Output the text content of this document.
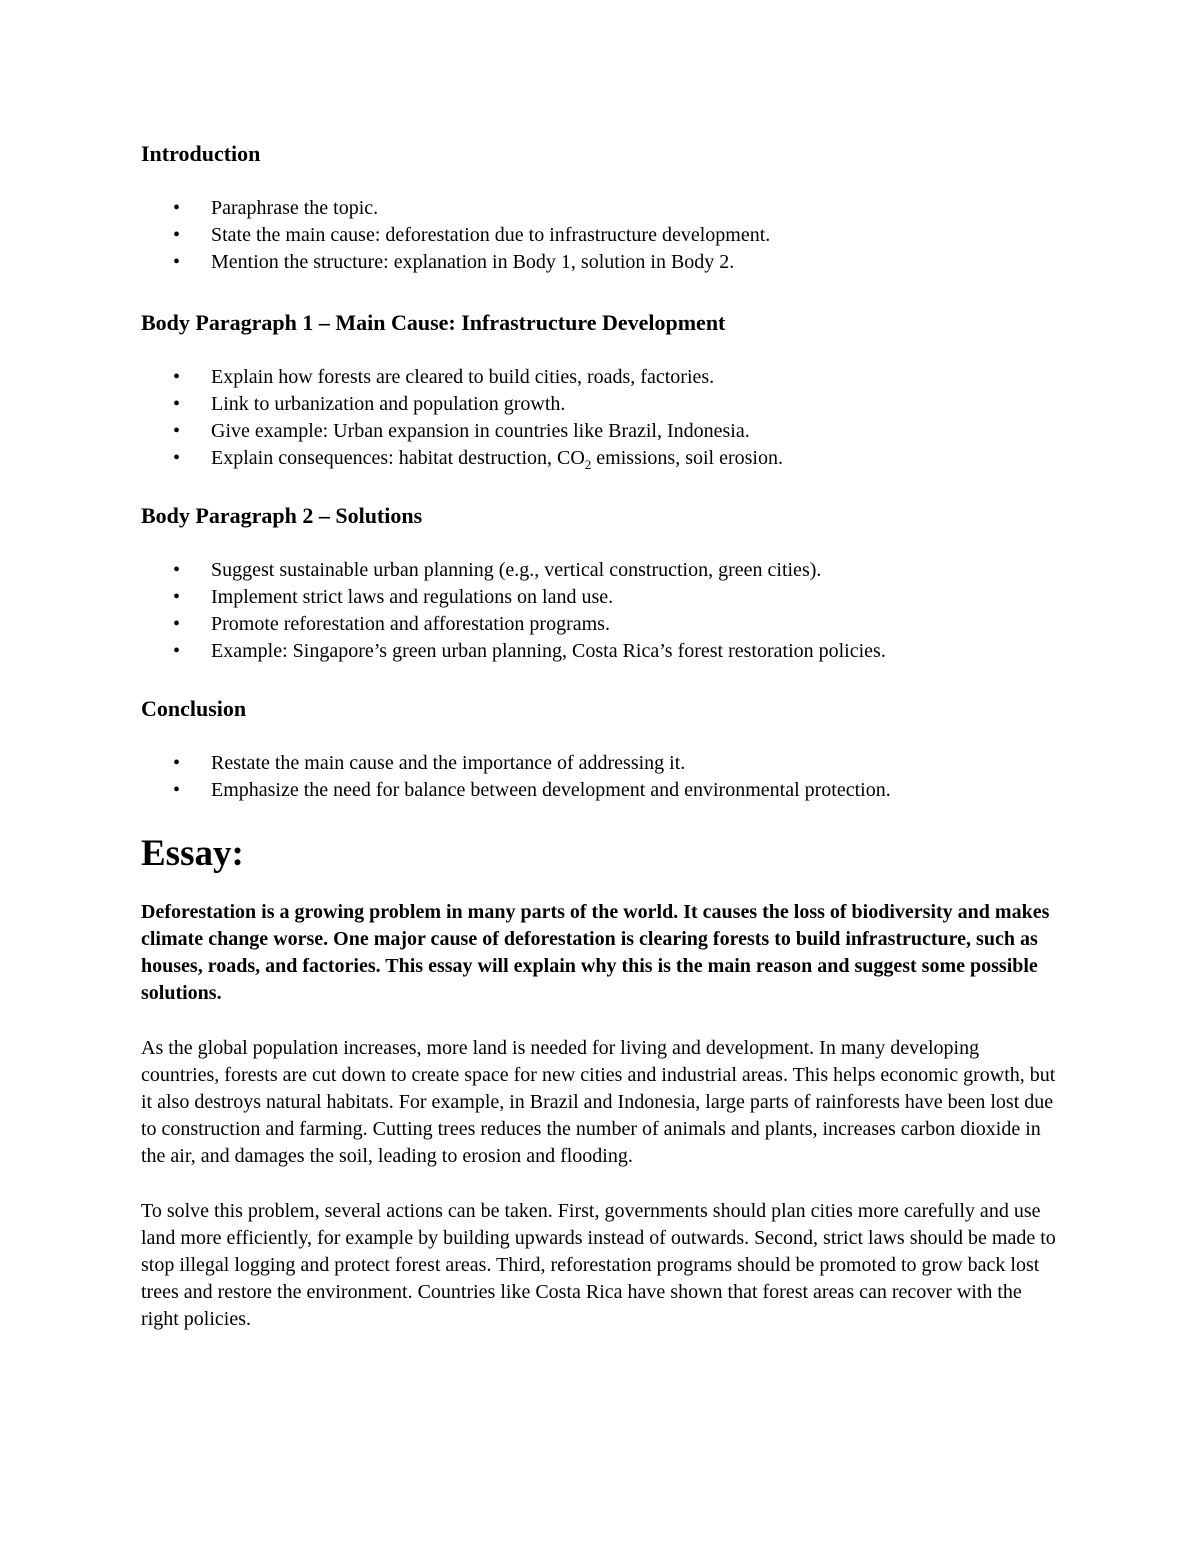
Introduction
• Paraphrase the topic.
• State the main cause: deforestation due to infrastructure development.
• Mention the structure: explanation in Body 1, solution in Body 2.
Body Paragraph 1 – Main Cause: Infrastructure Development
• Explain how forests are cleared to build cities, roads, factories.
• Link to urbanization and population growth.
• Give example: Urban expansion in countries like Brazil, Indonesia.
• Explain consequences: habitat destruction, $CO_2$ emissions, soil erosion.
Body Paragraph 2 – Solutions
• Suggest sustainable urban planning (e.g., vertical construction, green cities).
• Implement strict laws and regulations on land use.
• Promote reforestation and afforestation programs.
• Example: Singapore’s green urban planning, Costa Rica’s forest restoration policies.
Conclusion
• Restate the main cause and the importance of addressing it.
• Emphasize the need for balance between development and environmental protection.
Essay:

Deforestation is a growing problem in many parts of the world. It causes the loss of biodiversity and makes climate change worse. One major cause of deforestation is clearing forests to build infrastructure, such as houses, roads, and factories. This essay will explain why this is the main reason and suggest some possible solutions.

As the global population increases, more land is needed for living and development. In many developing countries, forests are cut down to create space for new cities and industrial areas. This helps economic growth, but it also destroys natural habitats. For example, in Brazil and Indonesia, large parts of rainforests have been lost due to construction and farming. Cutting trees reduces the number of animals and plants, increases carbon dioxide in the air, and damages the soil, leading to erosion and flooding.

To solve this problem, several actions can be taken. First, governments should plan cities more carefully and use land more efficiently, for example by building upwards instead of outwards. Second, strict laws should be made to stop illegal logging and protect forest areas. Third, reforestation programs should be promoted to grow back lost trees and restore the environment. Countries like Costa Rica have shown that forest areas can recover with the right policies.
